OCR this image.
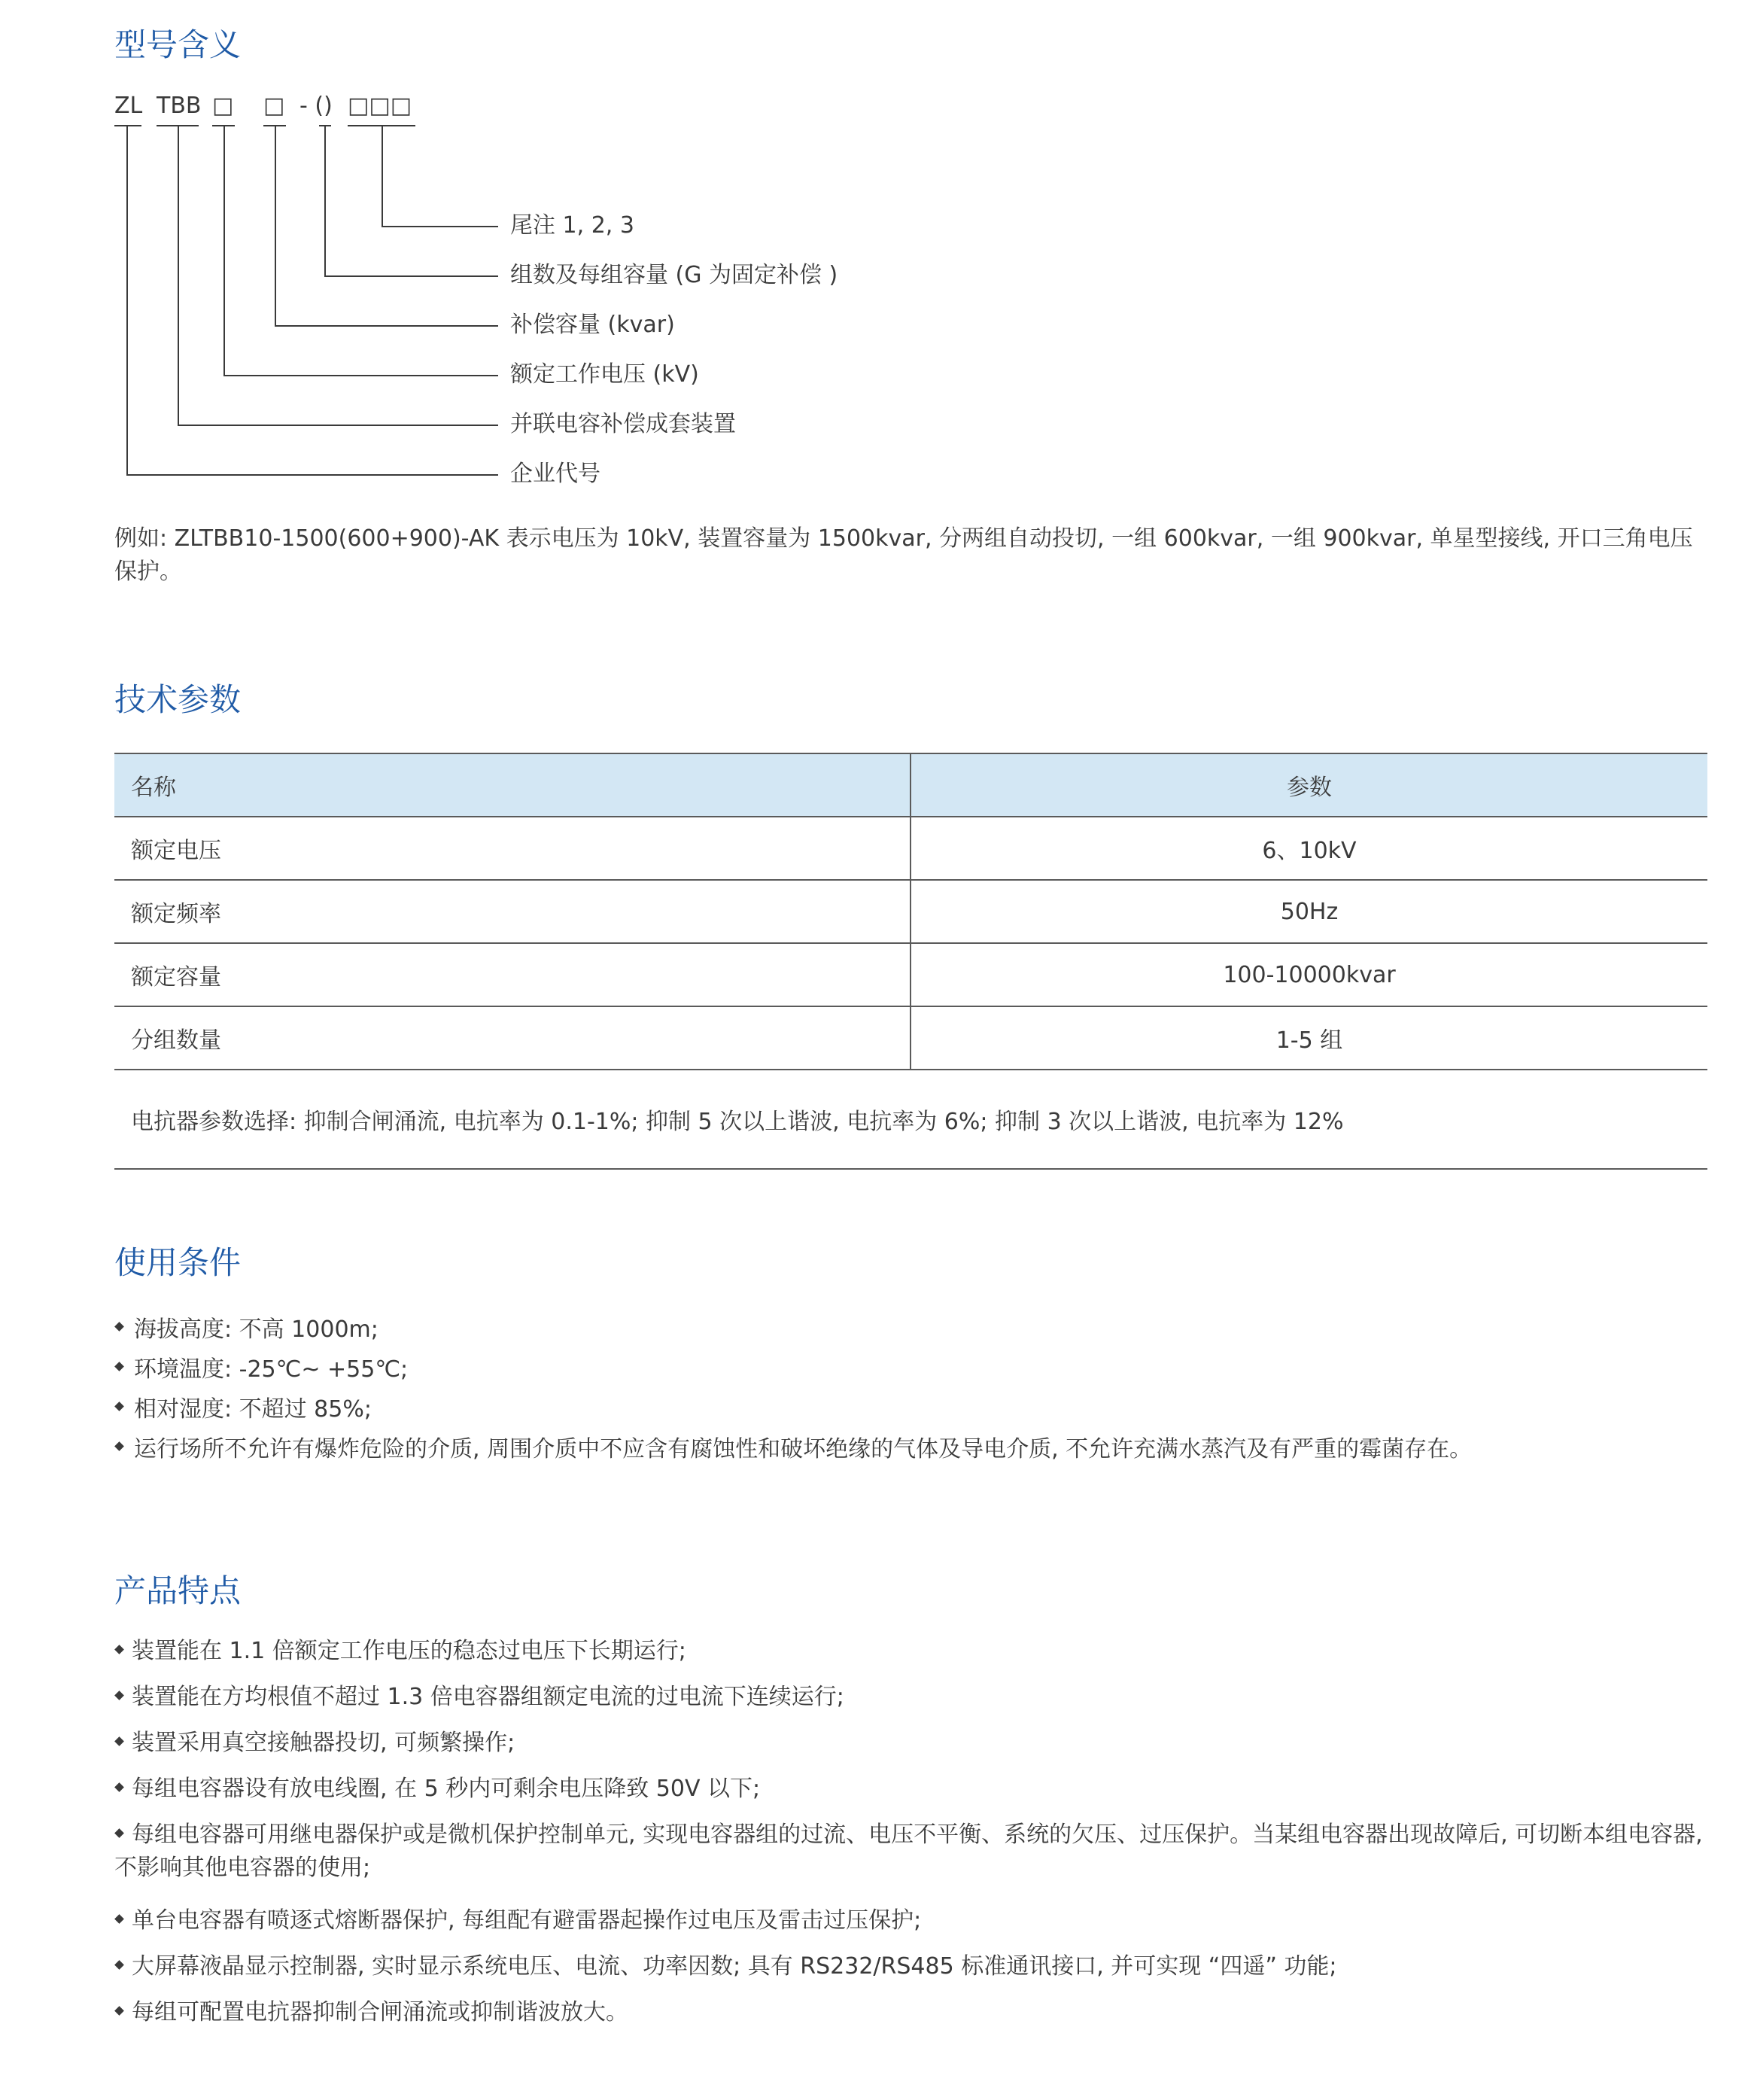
型号含义
ZL TBB □ □ - () □□□
尾注 1, 2, 3
组数及每组容量 (G 为固定补偿 )
补偿容量 (kvar)
额定工作电压 (kV)
并联电容补偿成套装置
企业代号
例如: ZLTBB10-1500(600+900)-AK 表示电压为 10kV, 装置容量为 1500kvar, 分两组自动投切, 一组 600kvar, 一组 900kvar, 单星型接线, 开口三角电压保护。
技术参数
名称	参数
额定电压	6、10kV
额定频率	50Hz
额定容量	100-10000kvar
分组数量	1-5 组
电抗器参数选择: 抑制合闸涌流, 电抗率为 0.1-1%; 抑制 5 次以上谐波, 电抗率为 6%; 抑制 3 次以上谐波, 电抗率为 12%	
使用条件
海拔高度: 不高 1000m;
环境温度: -25℃~ +55℃;
相对湿度: 不超过 85%;
运行场所不允许有爆炸危险的介质, 周围介质中不应含有腐蚀性和破坏绝缘的气体及导电介质, 不允许充满水蒸汽及有严重的霉菌存在。
产品特点
装置能在 1.1 倍额定工作电压的稳态过电压下长期运行;
装置能在方均根值不超过 1.3 倍电容器组额定电流的过电流下连续运行;
装置采用真空接触器投切, 可频繁操作;
每组电容器设有放电线圈, 在 5 秒内可剩余电压降致 50V 以下;
每组电容器可用继电器保护或是微机保护控制单元, 实现电容器组的过流、电压不平衡、系统的欠压、过压保护。当某组电容器出现故障后, 可切断本组电容器, 不影响其他电容器的使用;
单台电容器有喷逐式熔断器保护, 每组配有避雷器起操作过电压及雷击过压保护;
大屏幕液晶显示控制器, 实时显示系统电压、电流、功率因数; 具有 RS232/RS485 标准通讯接口, 并可实现 “四遥” 功能;
每组可配置电抗器抑制合闸涌流或抑制谐波放大。
